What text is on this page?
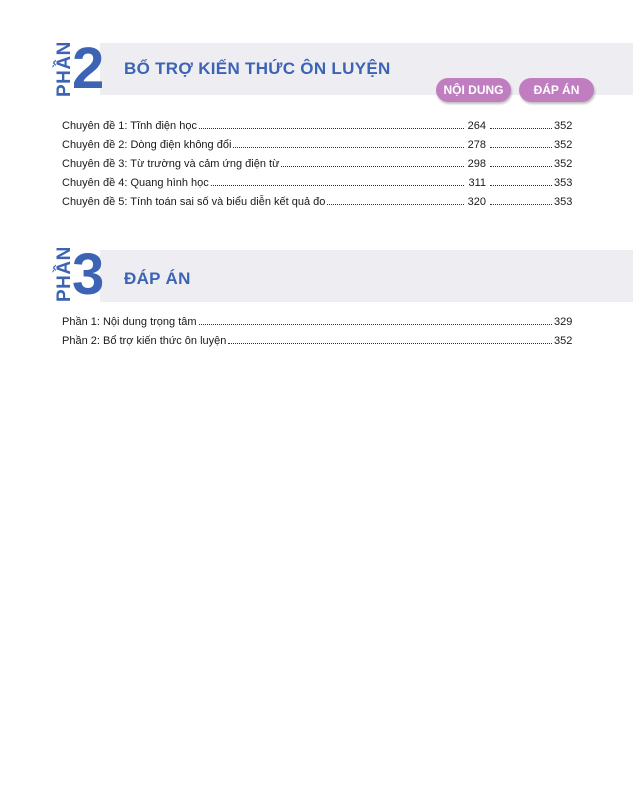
PHẦN
2 BỔ TRỢ KIẾN THỨC ÔN LUYỆN
NỘI DUNG	ĐÁP ÁN
Chuyên đề 1: Tĩnh điện học	264	352
Chuyên đề 2: Dòng điện không đổi	278	352
Chuyên đề 3: Từ trường và cảm ứng điện từ	298	352
Chuyên đề 4: Quang hình học	311	353
Chuyên đề 5: Tính toán sai số và biểu diễn kết quả đo	320	353
PHẦN
3 ĐÁP ÁN
Phần 1: Nội dung trọng tâm	329
Phần 2: Bổ trợ kiến thức ôn luyện	352
